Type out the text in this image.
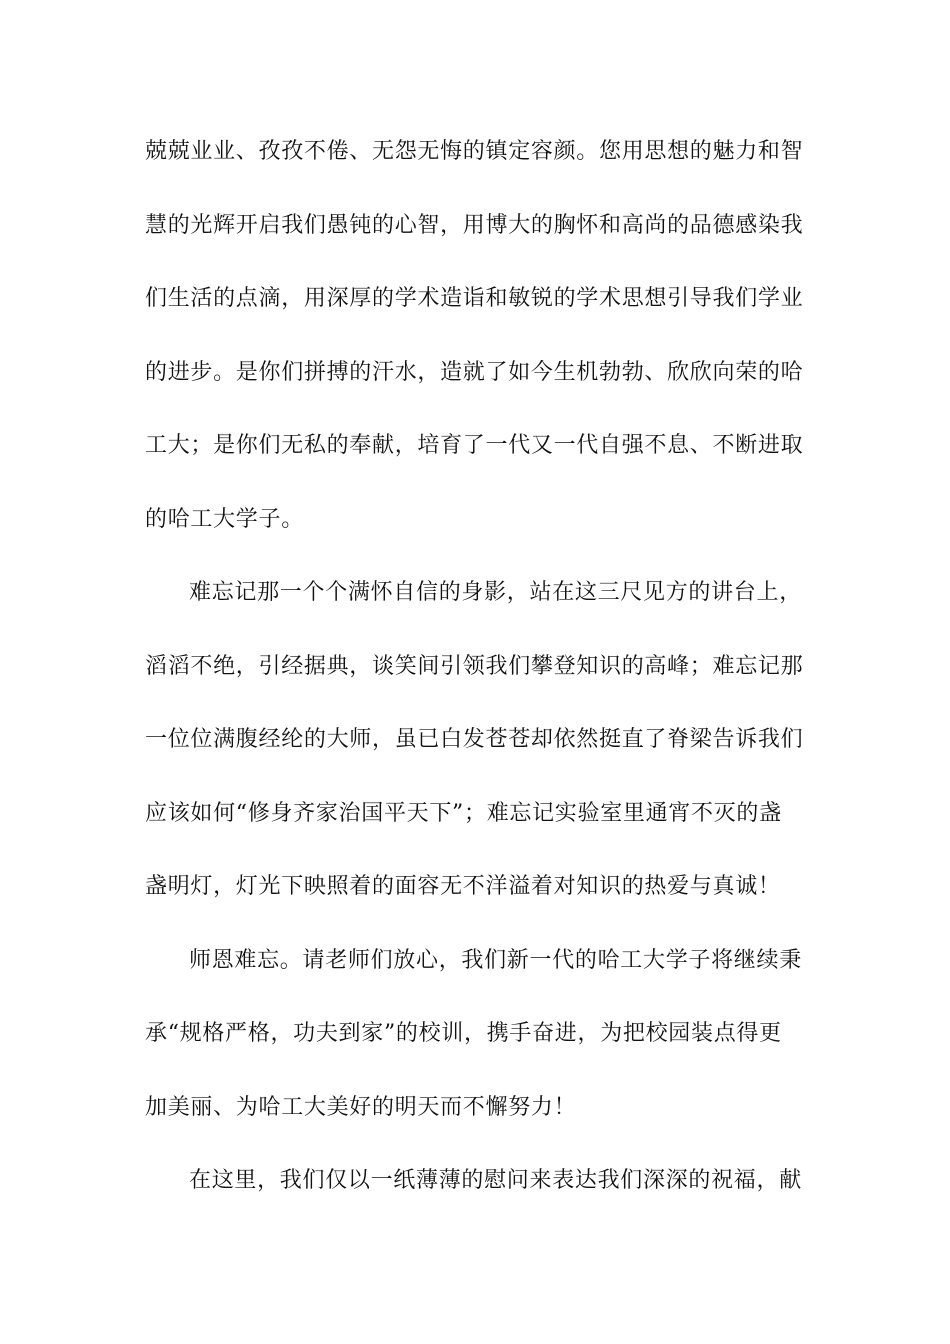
兢兢业业、孜孜不倦、无怨无悔的镇定容颜。您用思想的魅力和智
慧的光辉开启我们愚钝的心智，用博大的胸怀和高尚的品德感染我
们生活的点滴，用深厚的学术造诣和敏锐的学术思想引导我们学业
的进步。是你们拼搏的汗水，造就了如今生机勃勃、欣欣向荣的哈
工大；是你们无私的奉献，培育了一代又一代自强不息、不断进取
的哈工大学子。
难忘记那一个个满怀自信的身影，站在这三尺见方的讲台上，
滔滔不绝，引经据典，谈笑间引领我们攀登知识的高峰；难忘记那
一位位满腹经纶的大师，虽已白发苍苍却依然挺直了脊梁告诉我们
应该如何“修身齐家治国平天下”；难忘记实验室里通宵不灭的盏
盏明灯，灯光下映照着的面容无不洋溢着对知识的热爱与真诚！
师恩难忘。请老师们放心，我们新一代的哈工大学子将继续秉
承“规格严格，功夫到家”的校训，携手奋进，为把校园装点得更
加美丽、为哈工大美好的明天而不懈努力！
在这里，我们仅以一纸薄薄的慰问来表达我们深深的祝福，献
